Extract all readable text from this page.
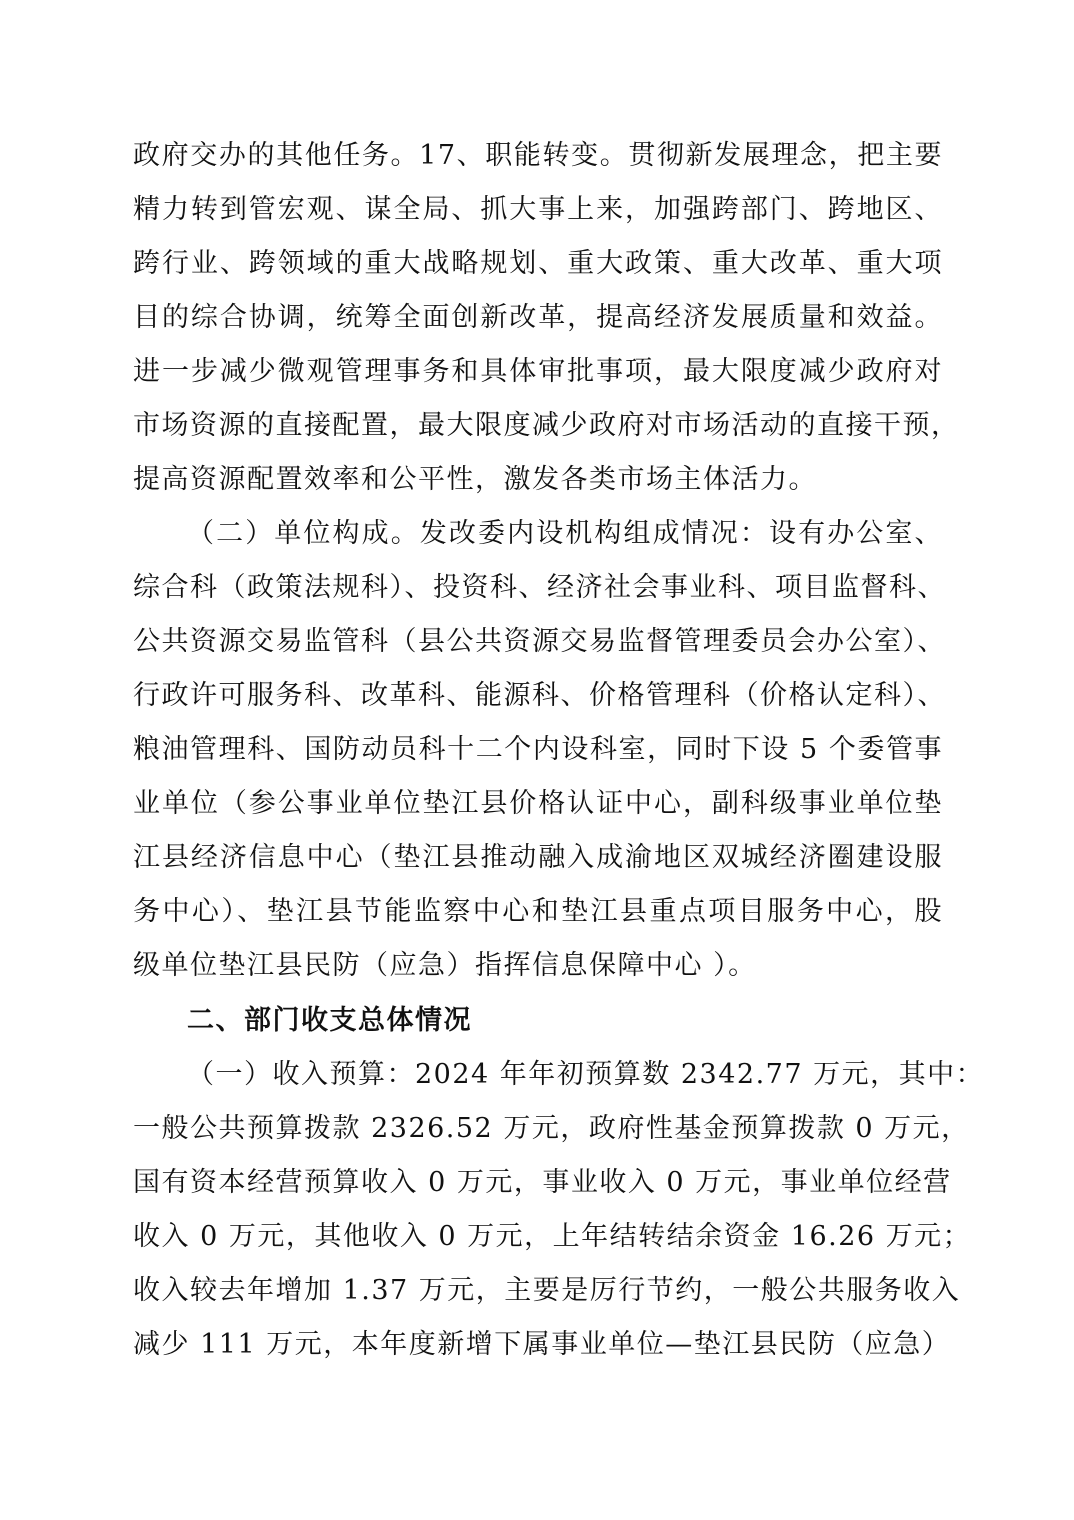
政府交办的其他任务。17、职能转变。贯彻新发展理念，把主要
精力转到管宏观、谋全局、抓大事上来，加强跨部门、跨地区、
跨行业、跨领域的重大战略规划、重大政策、重大改革、重大项
目的综合协调，统筹全面创新改革，提高经济发展质量和效益。
进一步减少微观管理事务和具体审批事项，最大限度减少政府对
市场资源的直接配置，最大限度减少政府对市场活动的直接干预，
提高资源配置效率和公平性，激发各类市场主体活力。
（二）单位构成。发改委内设机构组成情况：设有办公室、
综合科（政策法规科）、投资科、经济社会事业科、项目监督科、
公共资源交易监管科（县公共资源交易监督管理委员会办公室）、
行政许可服务科、改革科、能源科、价格管理科（价格认定科）、
粮油管理科、国防动员科十二个内设科室，同时下设 5 个委管事
业单位（参公事业单位垫江县价格认证中心，副科级事业单位垫
江县经济信息中心（垫江县推动融入成渝地区双城经济圈建设服
务中心）、垫江县节能监察中心和垫江县重点项目服务中心，股
级单位垫江县民防（应急）指挥信息保障中心 ）。
二、部门收支总体情况
（一）收入预算：2024 年年初预算数 2342.77 万元，其中：
一般公共预算拨款 2326.52 万元，政府性基金预算拨款 0 万元，
国有资本经营预算收入 0 万元，事业收入 0 万元，事业单位经营
收入 0 万元，其他收入 0 万元，上年结转结余资金 16.26 万元；
收入较去年增加 1.37 万元，主要是厉行节约，一般公共服务收入
减少 111 万元，本年度新增下属事业单位—垫江县民防（应急）
